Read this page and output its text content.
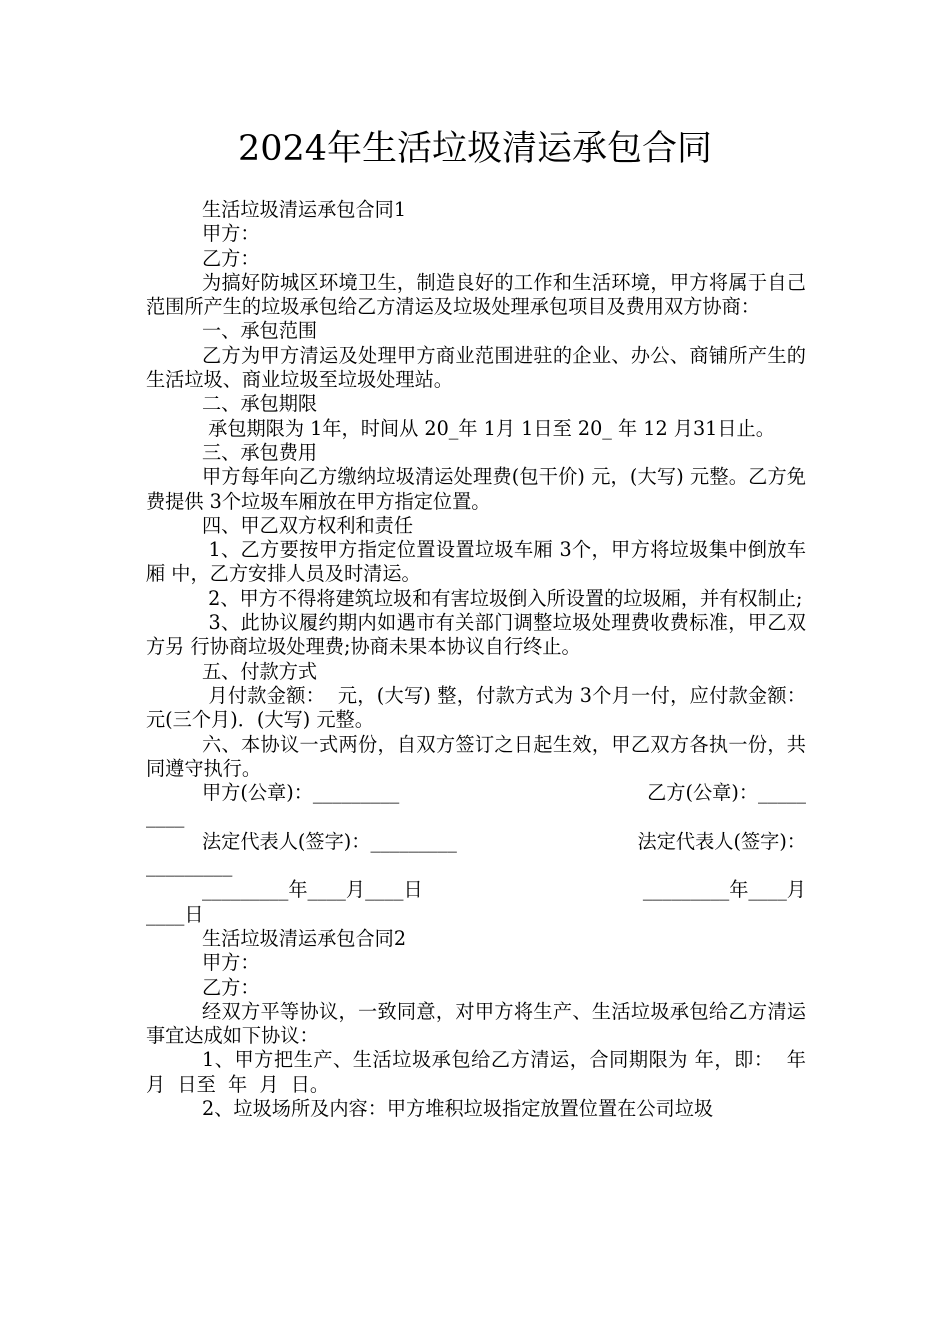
2024年生活垃圾清运承包合同

生活垃圾清运承包合同1

甲方：

乙方：

为搞好防城区环境卫生，制造良好的工作和生活环境，甲方将属于自己范围所产生的垃圾承包给乙方清运及垃圾处理承包项目及费用双方协商：

一、承包范围

乙方为甲方清运及处理甲方商业范围进驻的企业、办公、商铺所产生的生活垃圾、商业垃圾至垃圾处理站。

二、承包期限

承包期限为 1年，时间从 20_年 1月 1日至 20_ 年 12 月31日止。

三、承包费用

甲方每年向乙方缴纳垃圾清运处理费(包干价) 元，(大写) 元整。乙方免费提供 3个垃圾车厢放在甲方指定位置。

四、甲乙双方权利和责任

1、乙方要按甲方指定位置设置垃圾车厢 3个，甲方将垃圾集中倒放车厢 中，乙方安排人员及时清运。

2、甲方不得将建筑垃圾和有害垃圾倒入所设置的垃圾厢，并有权制止;

3、此协议履约期内如遇市有关部门调整垃圾处理费收费标准，甲乙双方另 行协商垃圾处理费;协商未果本协议自行终止。

五、付款方式

月付款金额：  元，(大写) 整，付款方式为 3个月一付，应付款金额：  元(三个月)．(大写) 元整。

六、本协议一式两份，自双方签订之日起生效，甲乙双方各执一份，共同遵守执行。

甲方(公章)：_________	乙方(公章)：_____

____

法定代表人(签字)：_________	法定代表人(签字)：

_________

_________年____月____日	_________年____月

____日

生活垃圾清运承包合同2

甲方：

乙方：

经双方平等协议，一致同意，对甲方将生产、生活垃圾承包给乙方清运事宜达成如下协议：

1、甲方把生产、生活垃圾承包给乙方清运，合同期限为 年，即：  年  月  日至  年  月  日。

2、垃圾场所及内容：甲方堆积垃圾指定放置位置在公司垃圾
